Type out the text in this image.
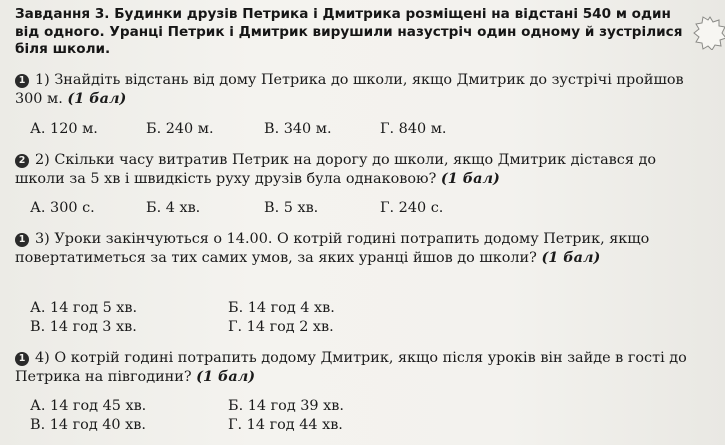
Завдання 3. Будинки друзів Петрика і Дмитрика розміщені на відстані 540 м один від одного. Уранці Петрик і Дмитрик вирушили назустріч один одному й зустрілися біля школи.
1 1) Знайдіть відстань від дому Петрика до школи, якщо Дмитрик до зустрічі пройшов 300 м. (1 бал)
А. 120 м.	Б. 240 м.	В. 340 м.	Г. 840 м.
2 2) Скільки часу витратив Петрик на дорогу до школи, якщо Дмитрик дістався до школи за 5 хв і швидкість руху друзів була однаковою? (1 бал)
А. 300 с.	Б. 4 хв.	В. 5 хв.	Г. 240 с.
1 3) Уроки закінчуються о 14.00. О котрій годині потрапить додому Петрик, якщо повертатиметься за тих самих умов, за яких уранці йшов до школи? (1 бал)
А. 14 год 5 хв.	Б. 14 год 4 хв.
В. 14 год 3 хв.	Г. 14 год 2 хв.
1 4) О котрій годині потрапить додому Дмитрик, якщо після уроків він зайде в гості до Петрика на півгодини? (1 бал)
А. 14 год 45 хв.	Б. 14 год 39 хв.
В. 14 год 40 хв.	Г. 14 год 44 хв.
